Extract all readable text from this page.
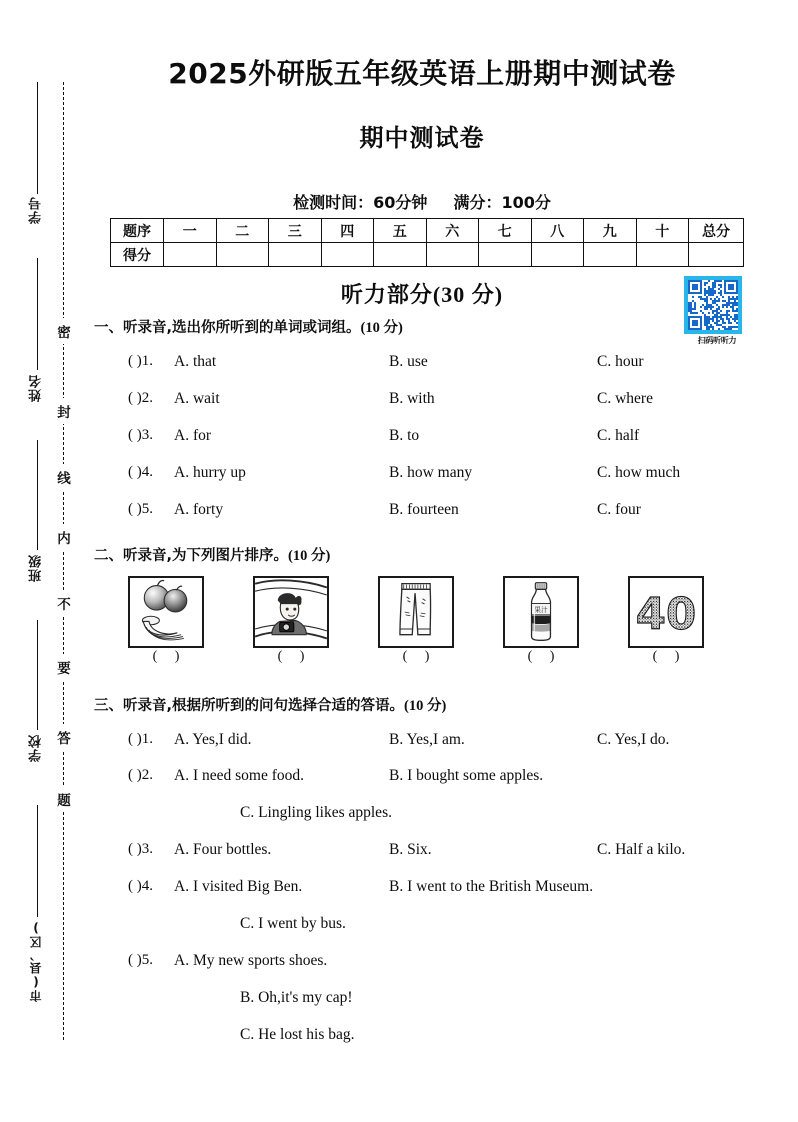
学号
姓名
班级
学校
市(县、区)
密
封
线
内
不
要
答
题
2025外研版五年级英语上册期中测试卷
期中测试卷
检测时间：60分钟 满分：100分
题序	一	二	三	四	五	六	七	八	九	十	总分
得分											
听力部分(30 分)
扫码听听力
一、听录音,选出你所听到的单词或词组。(10 分)
( )1. A. that	B. use	C. hour
( )2. A. wait	B. with	C. where
( )3. A. for	B. to	C. half
( )4. A. hurry up	B. how many	C. how much
( )5. A. forty	B. fourteen	C. four
二、听录音,为下列图片排序。(10 分)
( )	( )	( )
果汁
( )
40
( )
三、听录音,根据所听到的问句选择合适的答语。(10 分)
( )1. A. Yes,I did.	B. Yes,I am.	C. Yes,I do.
( )2. A. I need some food.	B. I bought some apples.
C. Lingling likes apples.
( )3. A. Four bottles.	B. Six.	C. Half a kilo.
( )4. A. I visited Big Ben.	B. I went to the British Museum.
C. I went by bus.
( )5. A. My new sports shoes.
B. Oh,it's my cap!
C. He lost his bag.
